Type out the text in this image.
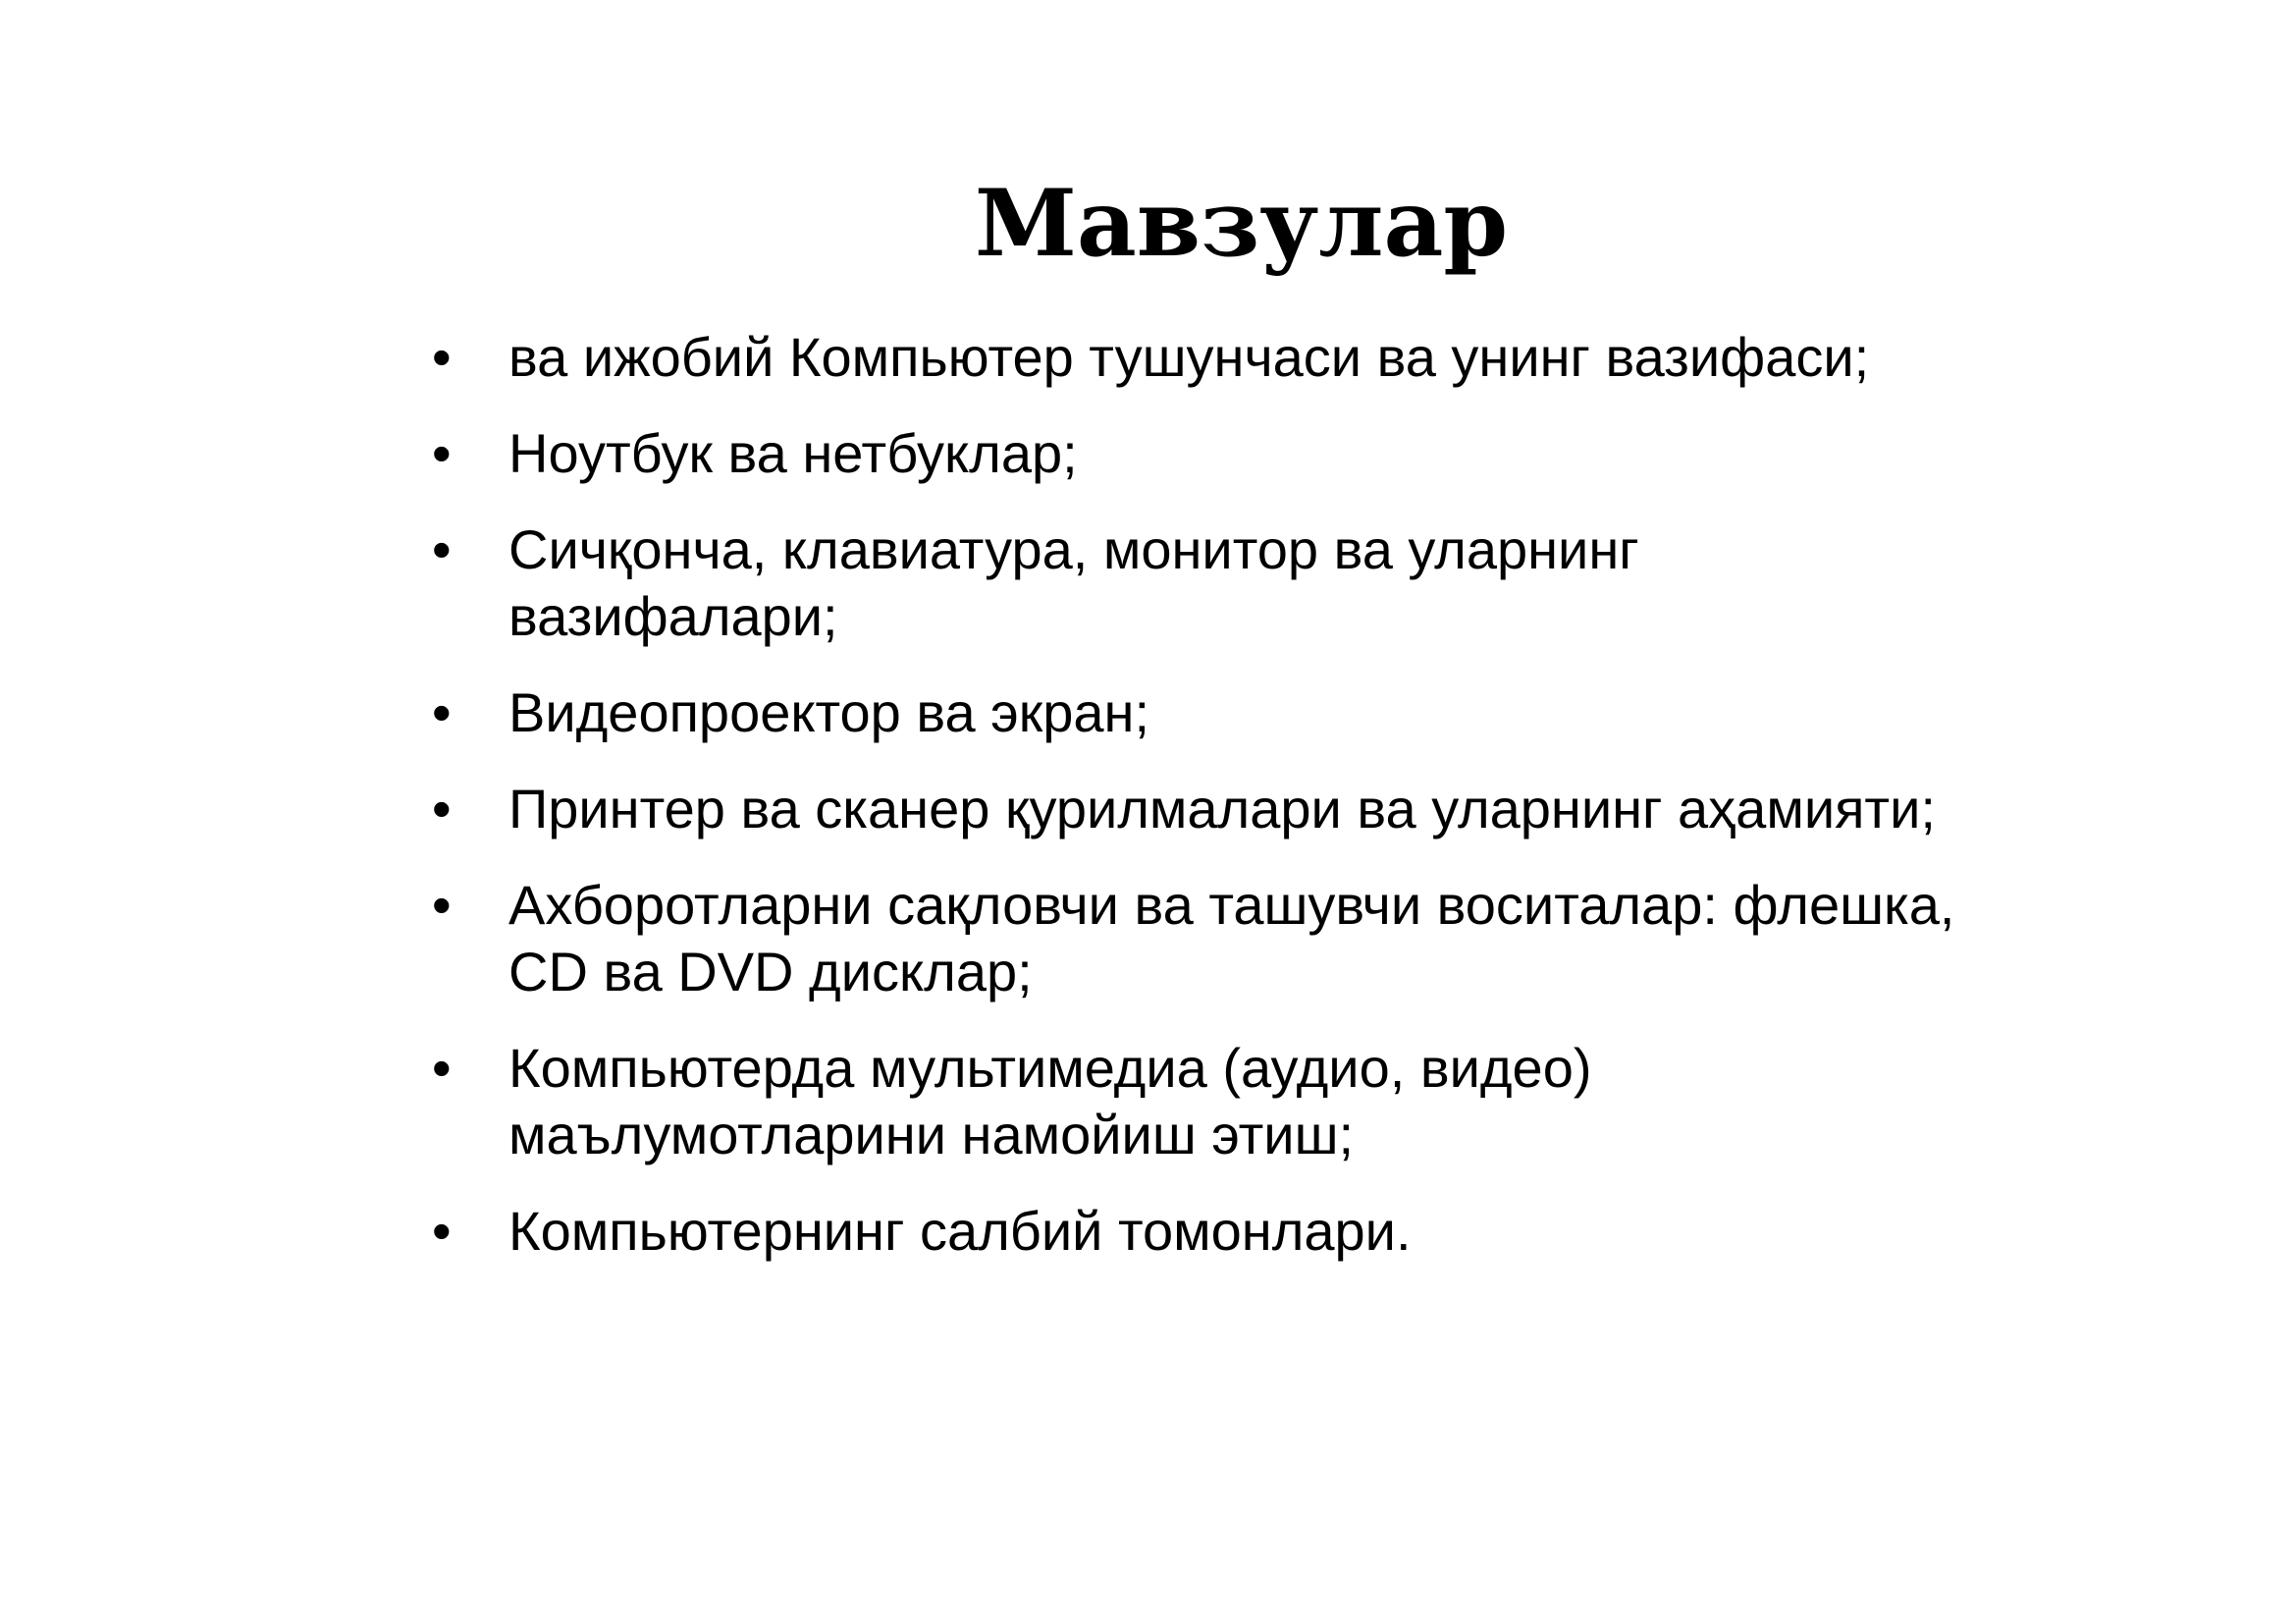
Мавзулар
•	ва ижобий Компьютер тушунчаси ва унинг вазифаси;
•	Ноутбук ва нетбуклар;
•	Сичқонча, клавиатура, монитор ва уларнинг вазифалари;
•	Видеопроектор ва экран;
•	Принтер ва сканер қурилмалари ва уларнинг аҳамияти;
•	Ахборотларни сақловчи ва ташувчи воситалар: флешка, CD ва DVD дисклар;
•	Компьютерда мультимедиа (аудио, видео) маълумотларини намойиш этиш;
•	Компьютернинг салбий томонлари.
